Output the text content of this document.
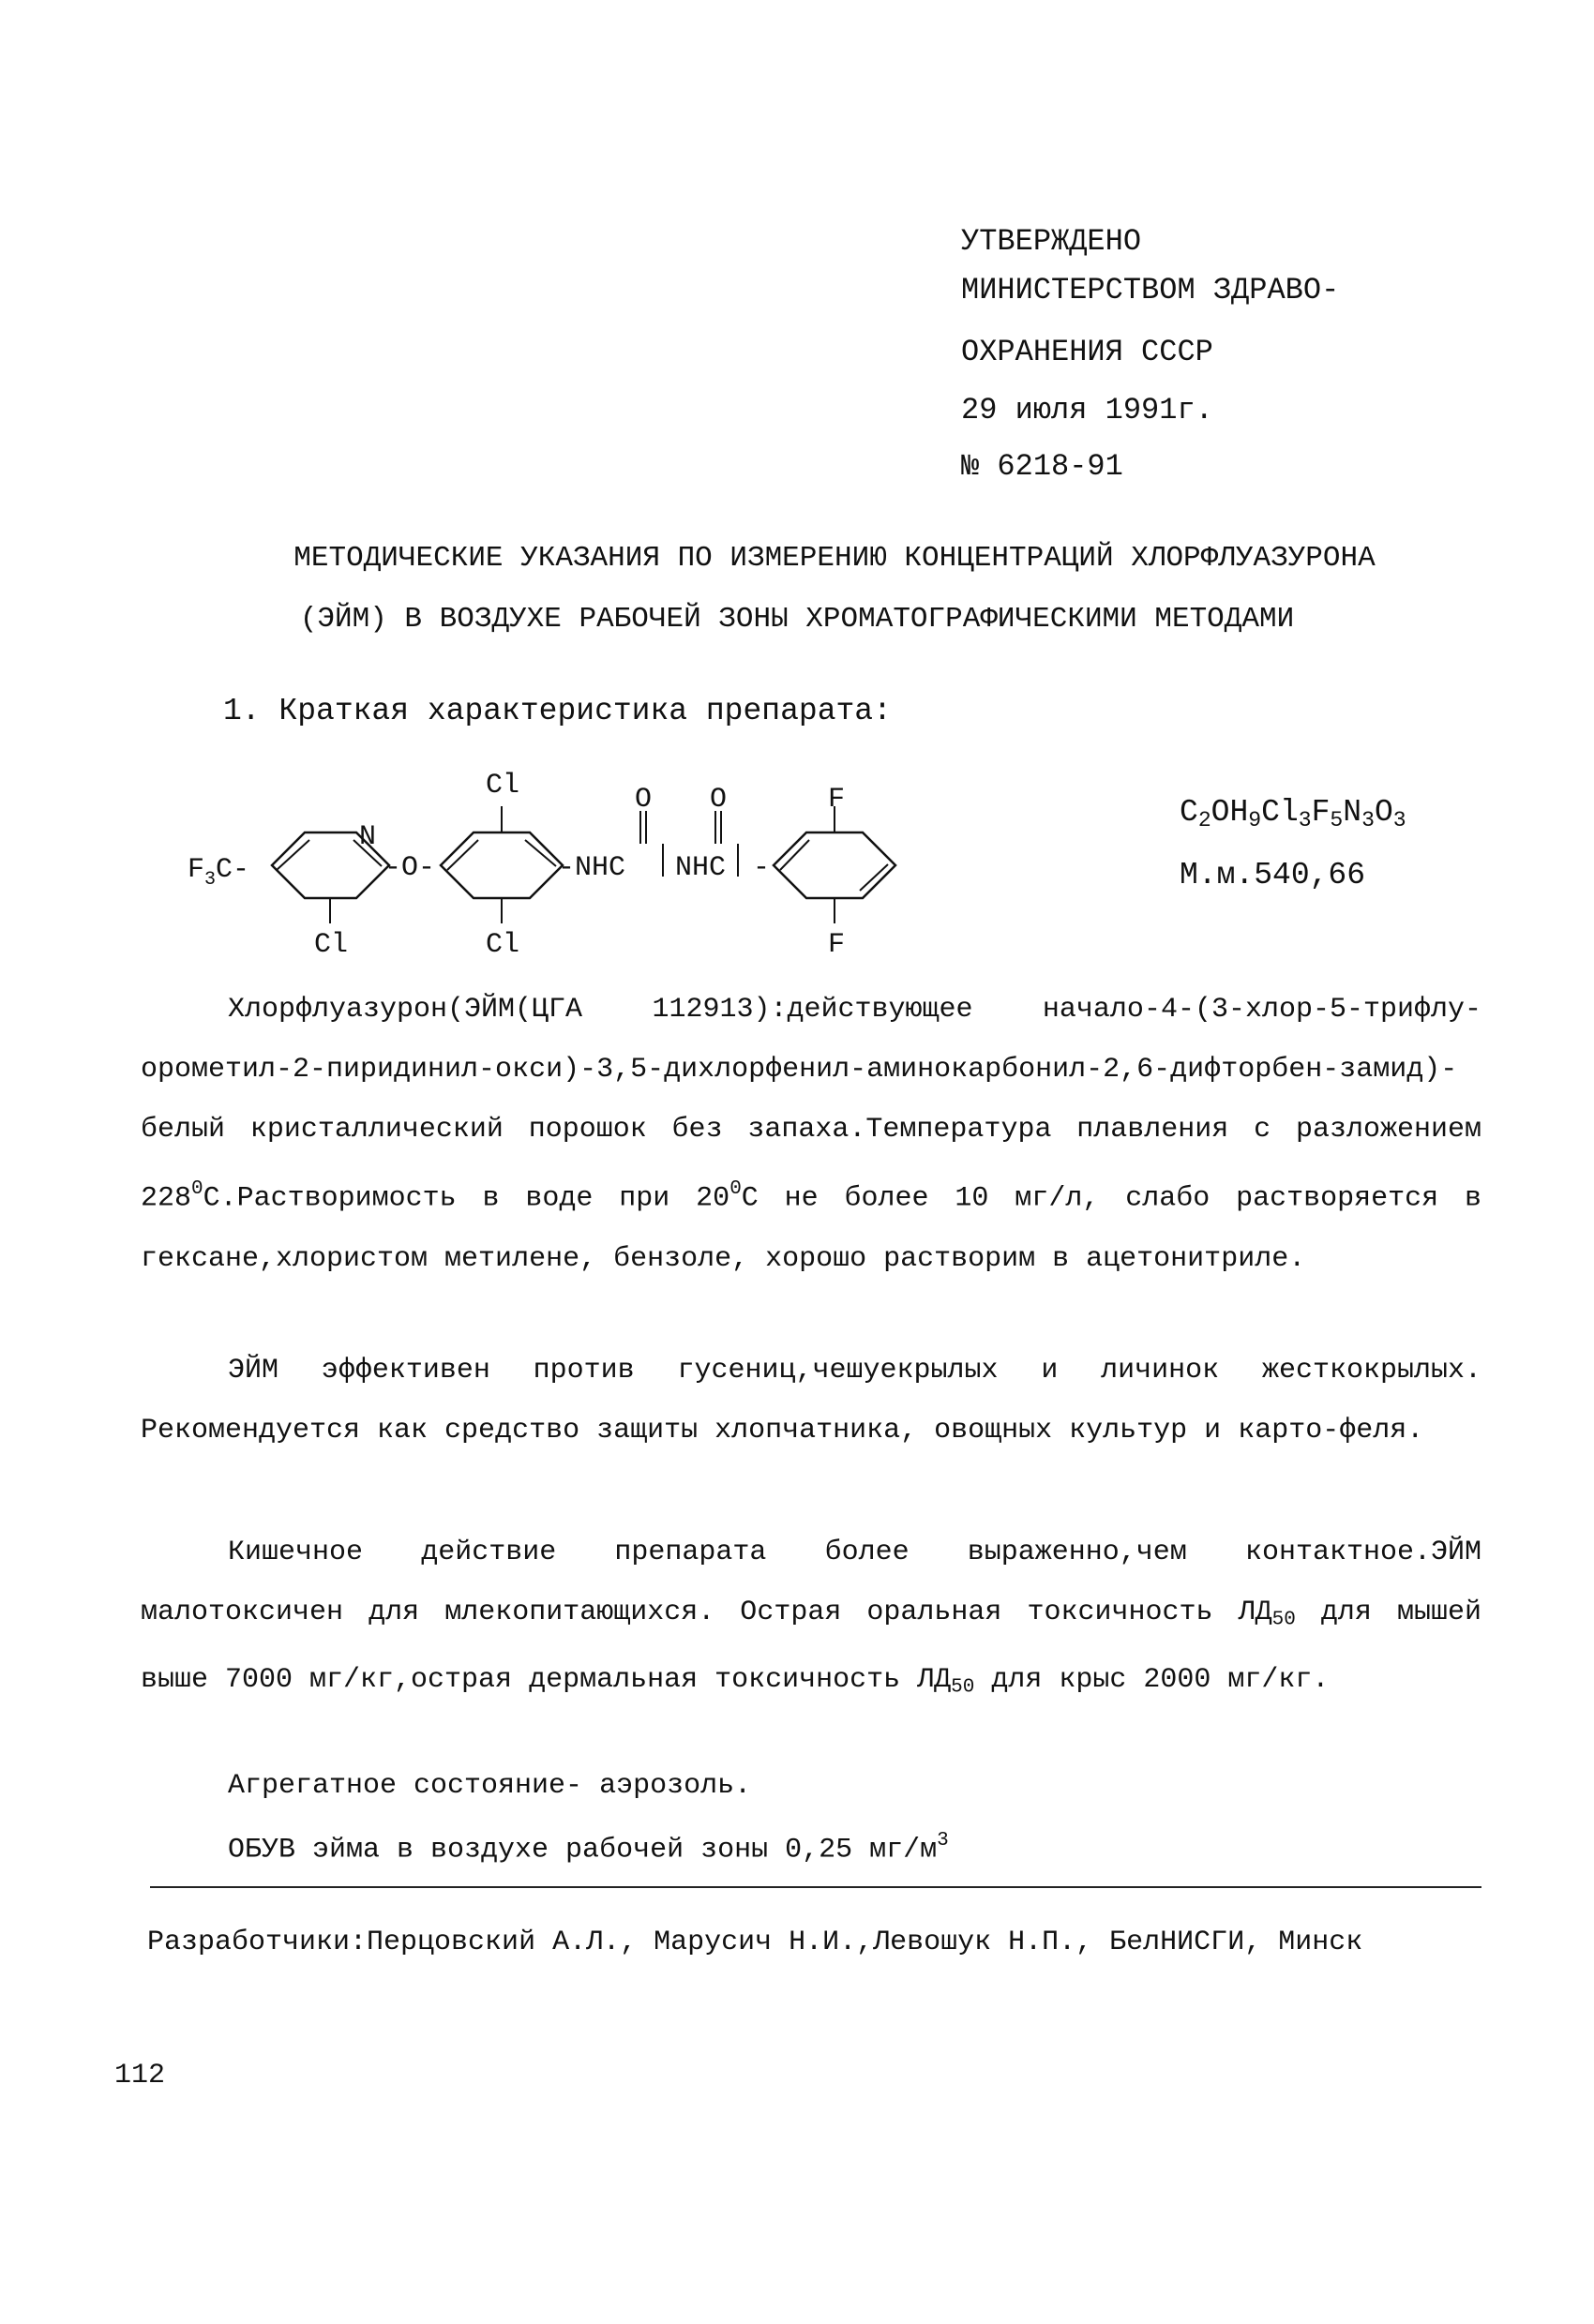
УТВЕРЖДЕНО
МИНИСТЕРСТВОМ ЗДРАВО-
ОХРАНЕНИЯ СССР
29 июля 1991г.
№ 6218-91
МЕТОДИЧЕСКИЕ УКАЗАНИЯ ПО ИЗМЕРЕНИЮ КОНЦЕНТРАЦИЙ ХЛОРФЛУАЗУРОНА
(ЭЙМ) В ВОЗДУХЕ РАБОЧЕЙ ЗОНЫ ХРОМАТОГРАФИЧЕСКИМИ МЕТОДАМИ
1. Краткая характеристика препарата:
Cl	O O	F
N
$F_3C-$	-O-	-NHC NHC -
Cl	Cl	F
$C_2OH_9Cl_3F_5N_3O_3$
М.м.540,66
Хлорфлуазурон(ЭЙМ(ЦГА 112913):действующее начало-4-(3-хлор-5-трифлу-орометил-2-пиридинил-окси)-3,5-дихлорфенил-аминокарбонил-2,6-дифторбен-замид)- белый кристаллический порошок без запаха.Температура плавления с разложением $228^0С.Растворимость$ в воде при $20^0С$ не более 10 мг/л, слабо растворяется в гексане,хлористом метилене, бензоле, хорошо растворим в ацетонитриле.
ЭЙМ эффективен против гусениц,чешуекрылых и личинок жесткокрылых. Рекомендуется как средство защиты хлопчатника, овощных культур и карто-феля.
Кишечное действие препарата более выраженно,чем контактное.ЭЙМ малотоксичен для млекопитающихся. Острая оральная токсичность $ЛД_{50}$ для мышей выше 7000 мг/кг,острая дермальная токсичность $ЛД_{50}$ для крыс 2000 мг/кг.
Агрегатное состояние- аэрозоль.
ОБУВ эйма в воздухе рабочей зоны 0,25 $мг/м^3$
Разработчики:Перцовский А.Л., Марусич Н.И.,Левошук Н.П., БелНИСГИ, Минск
112
